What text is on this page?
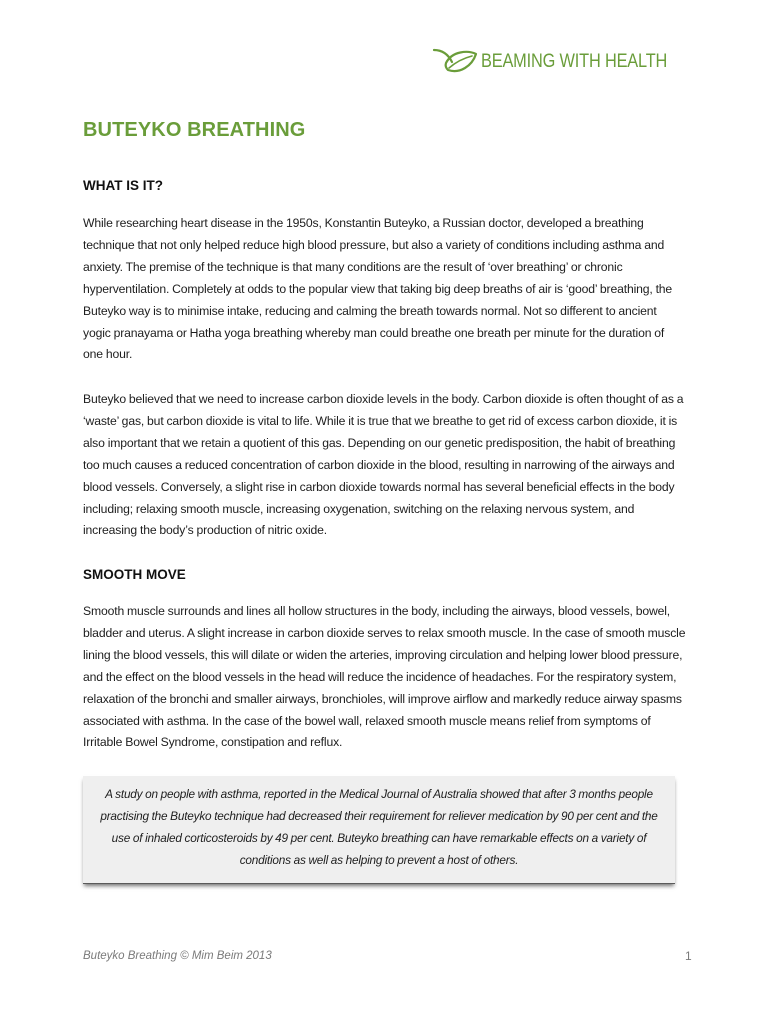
BEAMING WITH HEALTH
BUTEYKO BREATHING
WHAT IS IT?

While researching heart disease in the 1950s, Konstantin Buteyko, a Russian doctor, developed a breathing technique that not only helped reduce high blood pressure, but also a variety of conditions including asthma and anxiety. The premise of the technique is that many conditions are the result of ‘over breathing’ or chronic hyperventilation. Completely at odds to the popular view that taking big deep breaths of air is ‘good’ breathing, the Buteyko way is to minimise intake, reducing and calming the breath towards normal. Not so different to ancient yogic pranayama or Hatha yoga breathing whereby man could breathe one breath per minute for the duration of one hour.

Buteyko believed that we need to increase carbon dioxide levels in the body. Carbon dioxide is often thought of as a ‘waste’ gas, but carbon dioxide is vital to life. While it is true that we breathe to get rid of excess carbon dioxide, it is also important that we retain a quotient of this gas. Depending on our genetic predisposition, the habit of breathing too much causes a reduced concentration of carbon dioxide in the blood, resulting in narrowing of the airways and blood vessels. Conversely, a slight rise in carbon dioxide towards normal has several beneficial effects in the body including; relaxing smooth muscle, increasing oxygenation, switching on the relaxing nervous system, and increasing the body’s production of nitric oxide.

SMOOTH MOVE

Smooth muscle surrounds and lines all hollow structures in the body, including the airways, blood vessels, bowel, bladder and uterus. A slight increase in carbon dioxide serves to relax smooth muscle. In the case of smooth muscle lining the blood vessels, this will dilate or widen the arteries, improving circulation and helping lower blood pressure, and the effect on the blood vessels in the head will reduce the incidence of headaches. For the respiratory system, relaxation of the bronchi and smaller airways, bronchioles, will improve airflow and markedly reduce airway spasms associated with asthma. In the case of the bowel wall, relaxed smooth muscle means relief from symptoms of Irritable Bowel Syndrome, constipation and reflux.

A study on people with asthma, reported in the Medical Journal of Australia showed that after 3 months people practising the Buteyko technique had decreased their requirement for reliever medication by 90 per cent and the use of inhaled corticosteroids by 49 per cent. Buteyko breathing can have remarkable effects on a variety of conditions as well as helping to prevent a host of others.

Buteyko Breathing © Mim Beim 2013	1
